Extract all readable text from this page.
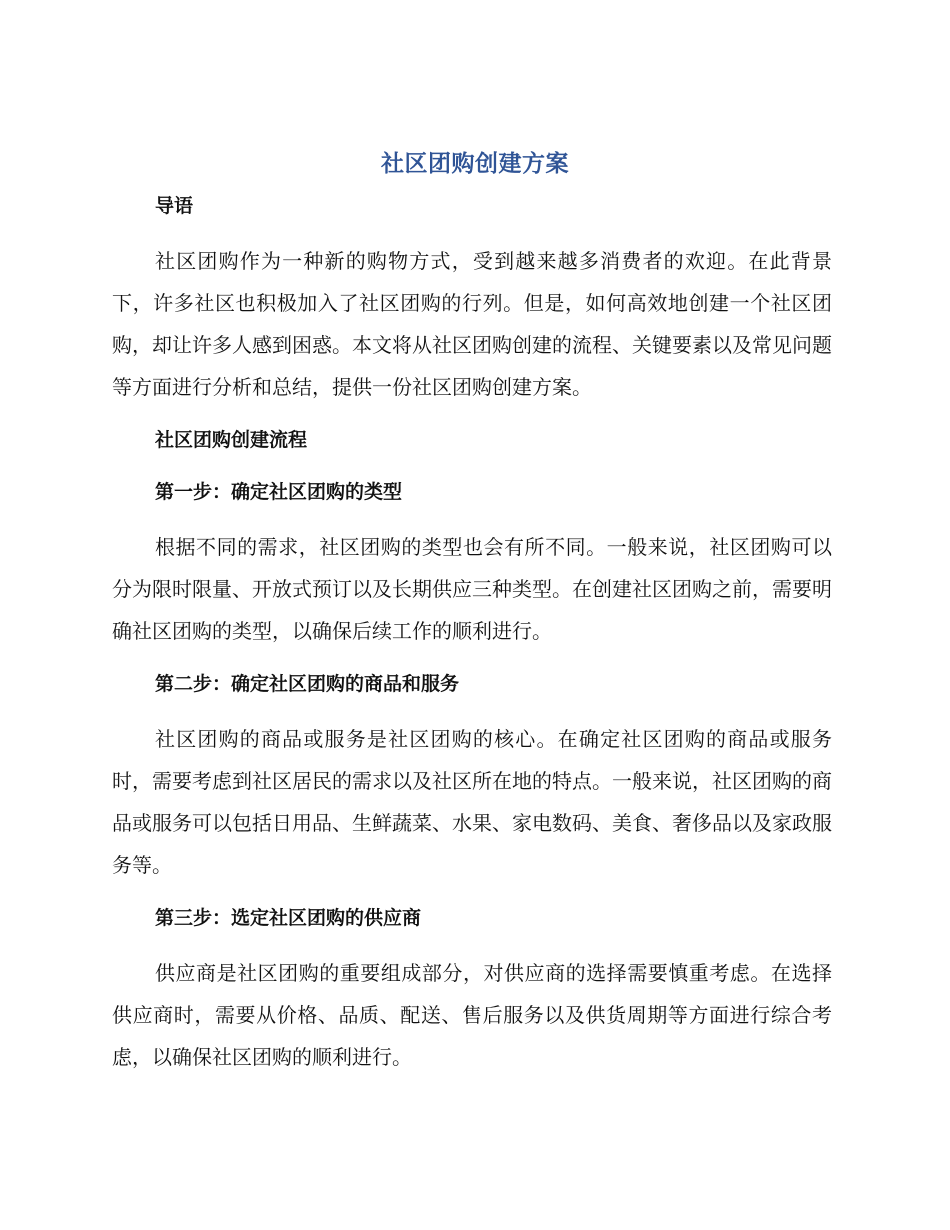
社区团购创建方案

导语

社区团购作为一种新的购物方式，受到越来越多消费者的欢迎。在此背景下，许多社区也积极加入了社区团购的行列。但是，如何高效地创建一个社区团购，却让许多人感到困惑。本文将从社区团购创建的流程、关键要素以及常见问题等方面进行分析和总结，提供一份社区团购创建方案。

社区团购创建流程

第一步：确定社区团购的类型

根据不同的需求，社区团购的类型也会有所不同。一般来说，社区团购可以分为限时限量、开放式预订以及长期供应三种类型。在创建社区团购之前，需要明确社区团购的类型，以确保后续工作的顺利进行。

第二步：确定社区团购的商品和服务

社区团购的商品或服务是社区团购的核心。在确定社区团购的商品或服务时，需要考虑到社区居民的需求以及社区所在地的特点。一般来说，社区团购的商品或服务可以包括日用品、生鲜蔬菜、水果、家电数码、美食、奢侈品以及家政服务等。

第三步：选定社区团购的供应商

供应商是社区团购的重要组成部分，对供应商的选择需要慎重考虑。在选择供应商时，需要从价格、品质、配送、售后服务以及供货周期等方面进行综合考虑，以确保社区团购的顺利进行。
